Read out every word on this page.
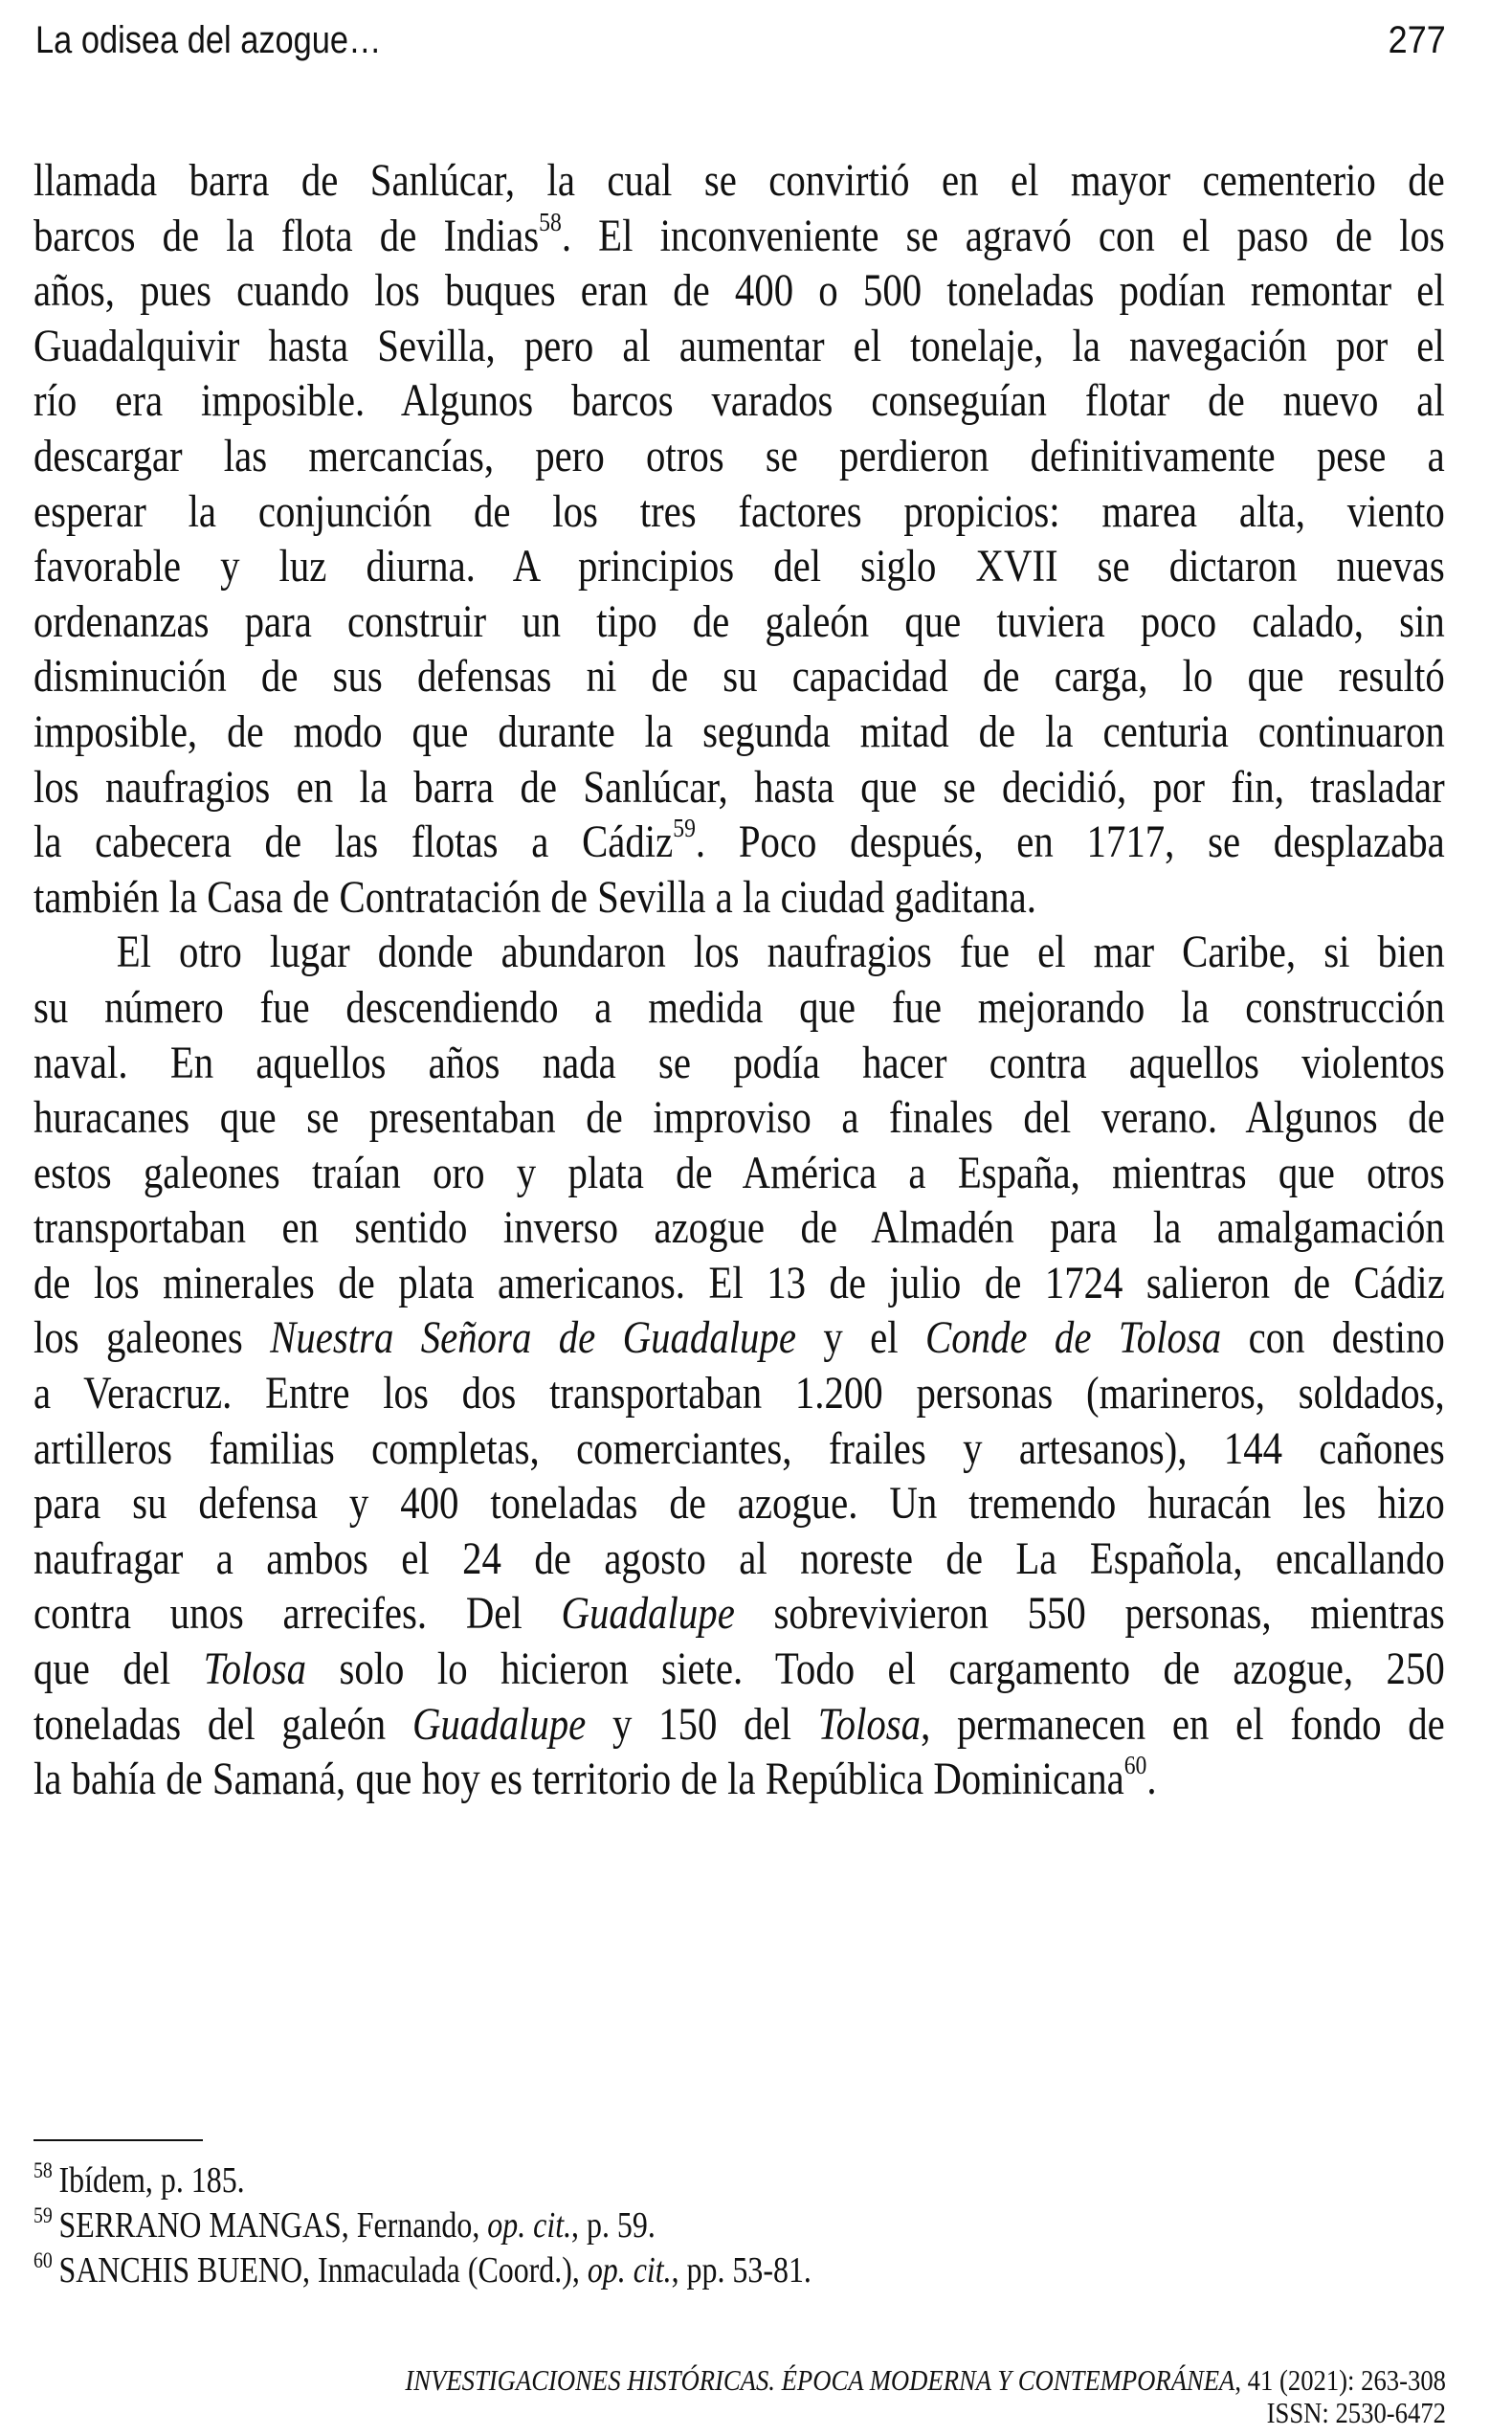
La odisea del azogue…	277
llamada barra de Sanlúcar, la cual se convirtió en el mayor cementerio de
barcos de la flota de Indias$^{58}$. El inconveniente se agravó con el paso de los
años, pues cuando los buques eran de 400 o 500 toneladas podían remontar el
Guadalquivir hasta Sevilla, pero al aumentar el tonelaje, la navegación por el
río era imposible. Algunos barcos varados conseguían flotar de nuevo al
descargar las mercancías, pero otros se perdieron definitivamente pese a
esperar la conjunción de los tres factores propicios: marea alta, viento
favorable y luz diurna. A principios del siglo XVII se dictaron nuevas
ordenanzas para construir un tipo de galeón que tuviera poco calado, sin
disminución de sus defensas ni de su capacidad de carga, lo que resultó
imposible, de modo que durante la segunda mitad de la centuria continuaron
los naufragios en la barra de Sanlúcar, hasta que se decidió, por fin, trasladar
la cabecera de las flotas a Cádiz$^{59}$. Poco después, en 1717, se desplazaba
también la Casa de Contratación de Sevilla a la ciudad gaditana.
El otro lugar donde abundaron los naufragios fue el mar Caribe, si bien
su número fue descendiendo a medida que fue mejorando la construcción
naval. En aquellos años nada se podía hacer contra aquellos violentos
huracanes que se presentaban de improviso a finales del verano. Algunos de
estos galeones traían oro y plata de América a España, mientras que otros
transportaban en sentido inverso azogue de Almadén para la amalgamación
de los minerales de plata americanos. El 13 de julio de 1724 salieron de Cádiz
los galeones Nuestra Señora de Guadalupe y el Conde de Tolosa con destino
a Veracruz. Entre los dos transportaban 1.200 personas (marineros, soldados,
artilleros familias completas, comerciantes, frailes y artesanos), 144 cañones
para su defensa y 400 toneladas de azogue. Un tremendo huracán les hizo
naufragar a ambos el 24 de agosto al noreste de La Española, encallando
contra unos arrecifes. Del Guadalupe sobrevivieron 550 personas, mientras
que del Tolosa solo lo hicieron siete. Todo el cargamento de azogue, 250
toneladas del galeón Guadalupe y 150 del Tolosa, permanecen en el fondo de
la bahía de Samaná, que hoy es territorio de la República Dominicana$^{60}$.
$^{58}$ Ibídem, p. 185.
$^{59}$ SERRANO MANGAS, Fernando, op. cit., p. 59.
$^{60}$ SANCHIS BUENO, Inmaculada (Coord.), op. cit., pp. 53-81.
INVESTIGACIONES HISTÓRICAS. ÉPOCA MODERNA Y CONTEMPORÁNEA, 41 (2021): 263-308
ISSN: 2530-6472
